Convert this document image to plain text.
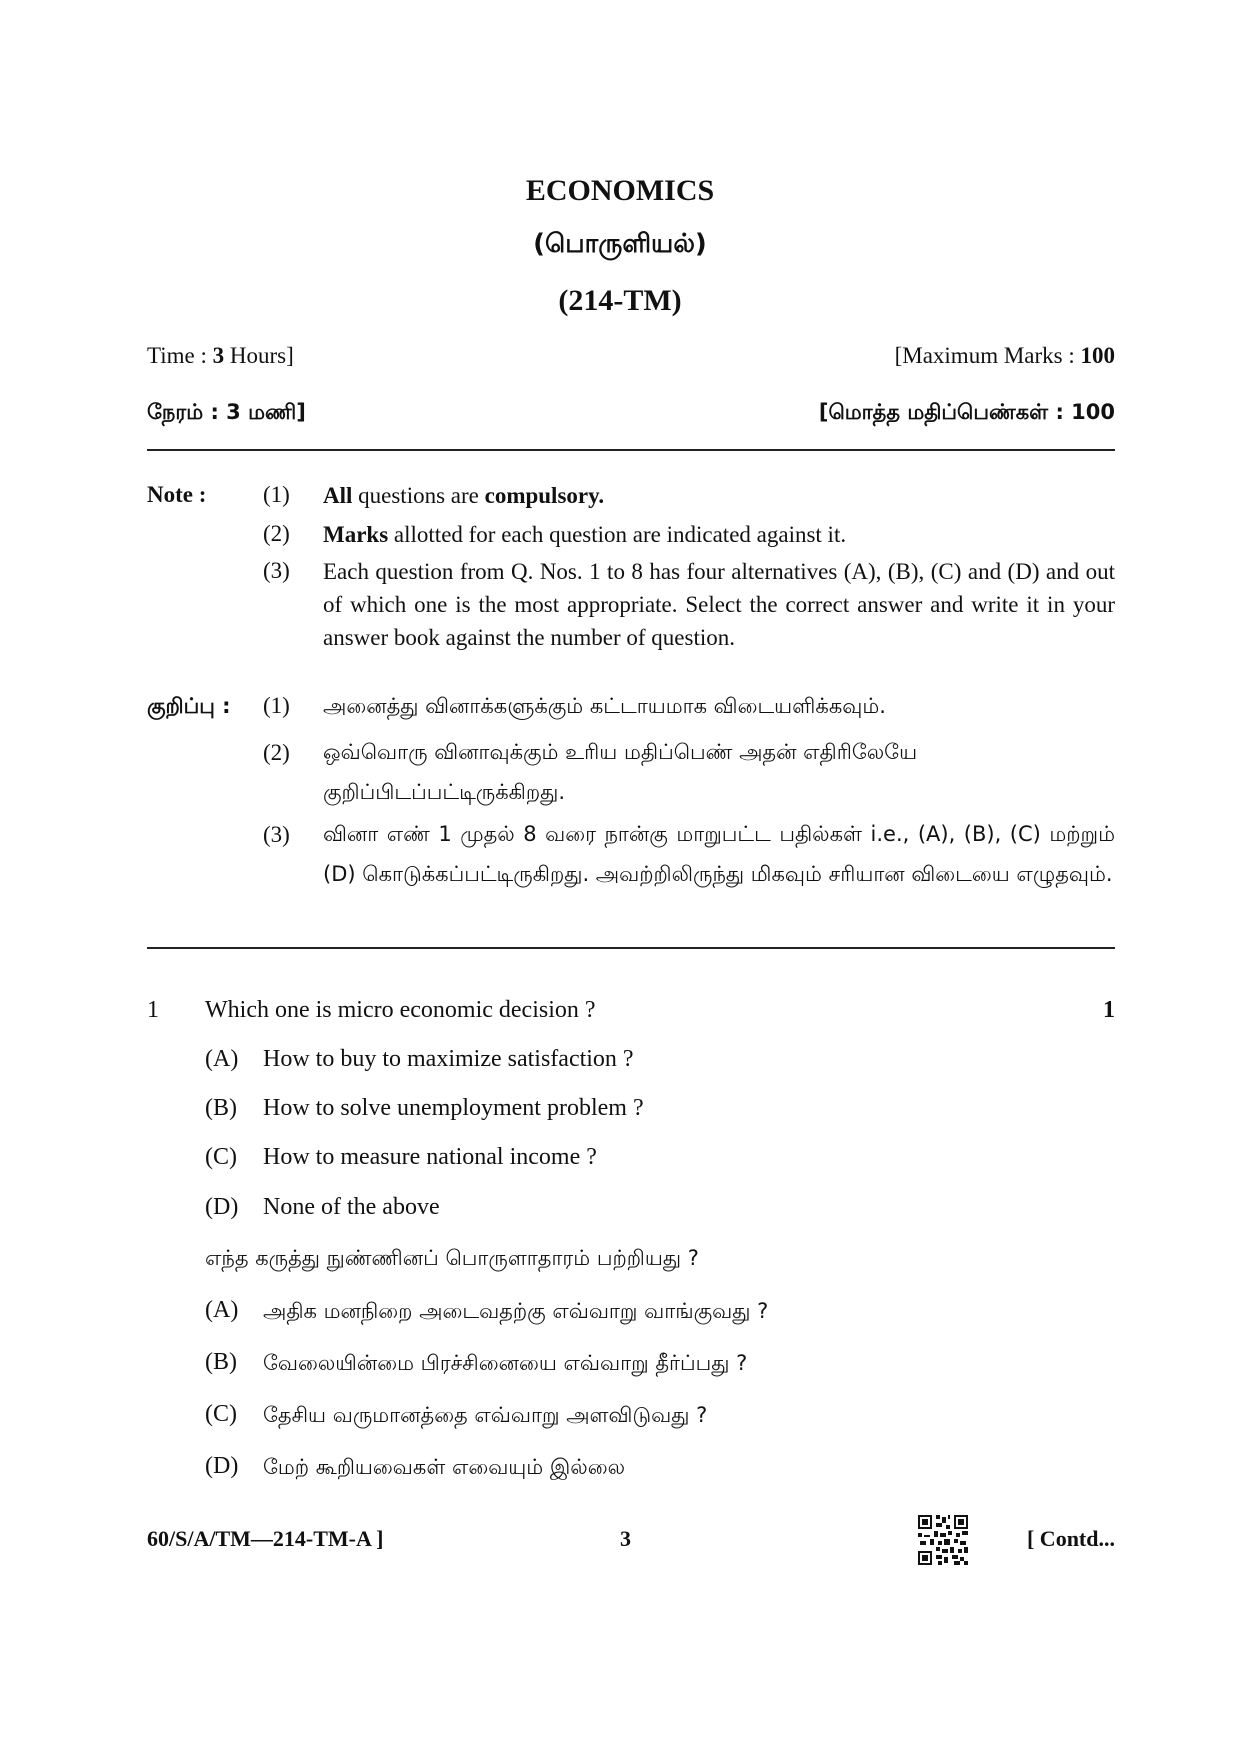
ECONOMICS
(பொருளியல்)
(214-TM)
Time : 3 Hours]	[Maximum Marks : 100
நேரம் : 3 மணி]	[மொத்த மதிப்பெண்கள் : 100
Note : (1) All questions are compulsory.
(2) Marks allotted for each question are indicated against it.
(3) Each question from Q. Nos. 1 to 8 has four alternatives (A), (B), (C) and (D) and out of which one is the most appropriate. Select the correct answer and write it in your answer book against the number of question.
குறிப்பு : (1) அனைத்து வினாக்களுக்கும் கட்டாயமாக விடையளிக்கவும்.
(2) ஒவ்வொரு வினாவுக்கும் உரிய மதிப்பெண் அதன் எதிரிலேயே குறிப்பிடப்பட்டிருக்கிறது.
(3) வினா எண் 1 முதல் 8 வரை நான்கு மாறுபட்ட பதில்கள் i.e., (A), (B), (C) மற்றும் (D) கொடுக்கப்பட்டிருகிறது. அவற்றிலிருந்து மிகவும் சரியான விடையை எழுதவும்.
1 Which one is micro economic decision ?	1
(A) How to buy to maximize satisfaction ?
(B) How to solve unemployment problem ?
(C) How to measure national income ?
(D) None of the above
எந்த கருத்து நுண்ணினப் பொருளாதாரம் பற்றியது ?
(A) அதிக மனநிறை அடைவதற்கு எவ்வாறு வாங்குவது ?
(B) வேலையின்மை பிரச்சினையை எவ்வாறு தீர்ப்பது ?
(C) தேசிய வருமானத்தை எவ்வாறு அளவிடுவது ?
(D) மேற் கூறியவைகள் எவையும் இல்லை
60/S/A/TM—214-TM-A ]	3	[ Contd...
